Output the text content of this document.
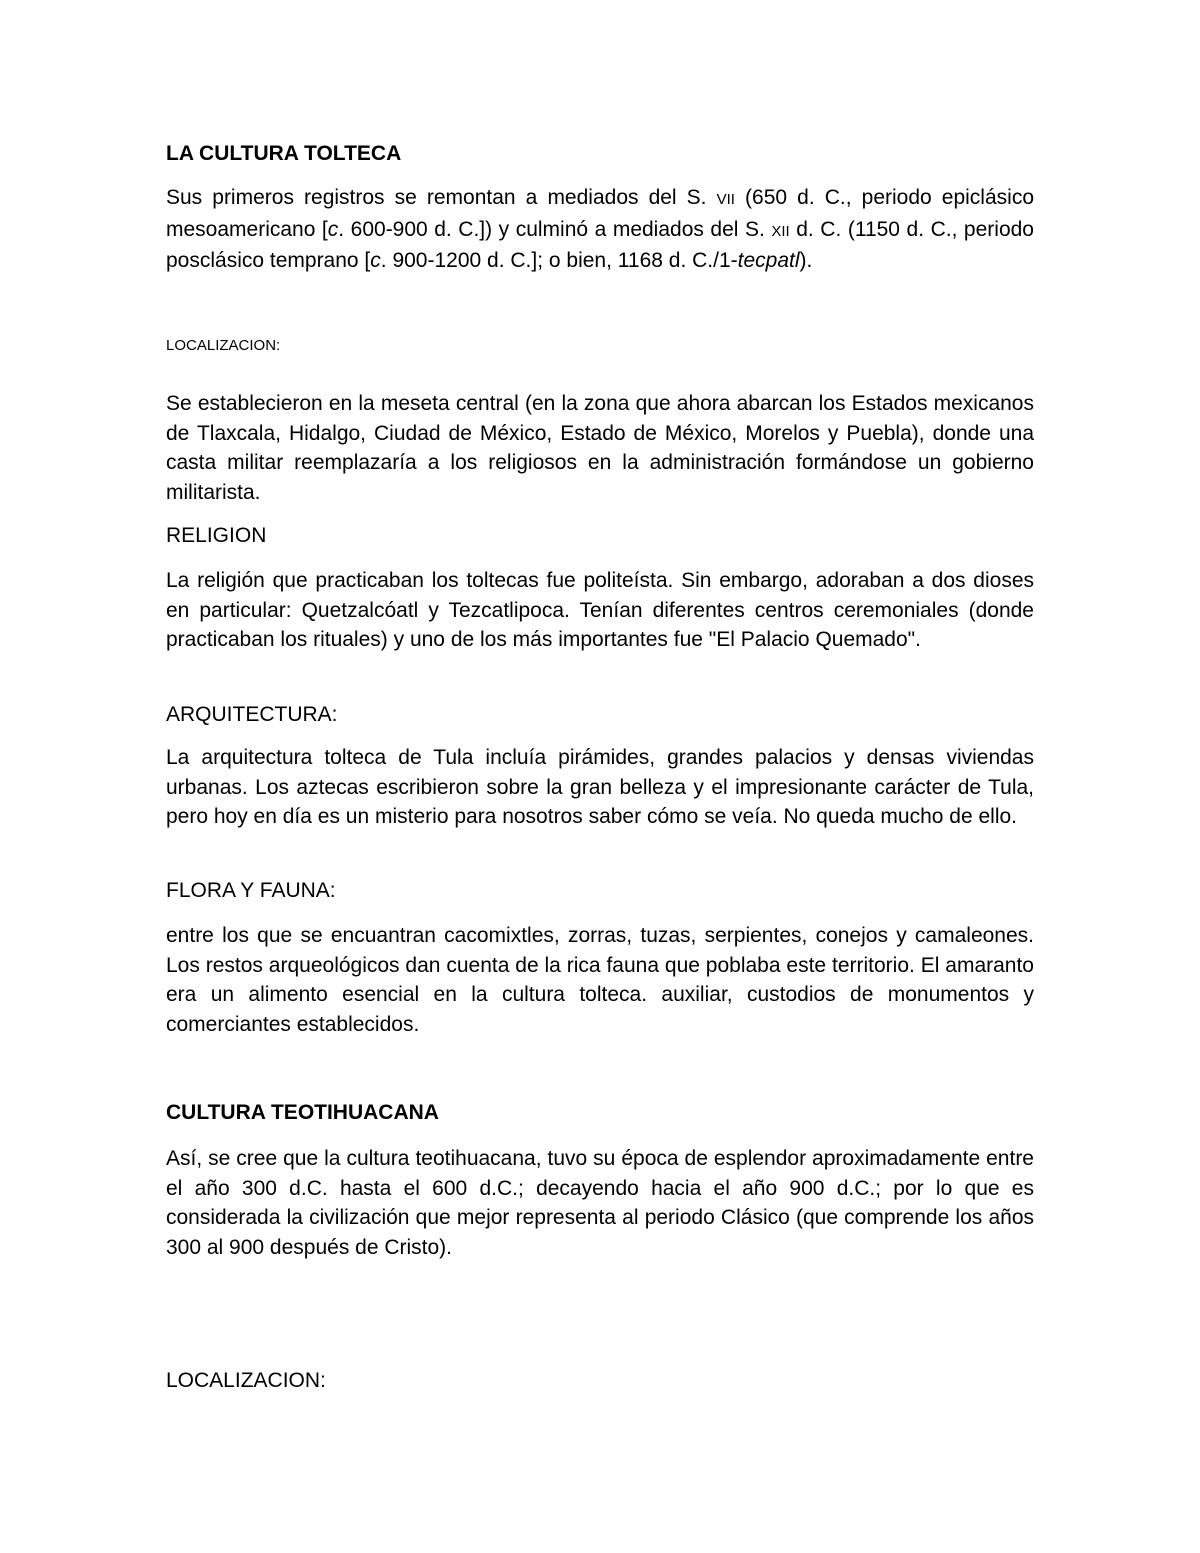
LA CULTURA TOLTECA

Sus primeros registros se remontan a mediados del S. VII (650 d. C., periodo epiclásico mesoamericano [c. 600-900 d. C.]) y culminó a mediados del S. XII d. C. (1150 d. C., periodo posclásico temprano [c. 900-1200 d. C.]; o bien, 1168 d. C./1-tecpatl).

LOCALIZACION:

Se establecieron en la meseta central (en la zona que ahora abarcan los Estados mexicanos de Tlaxcala, Hidalgo, Ciudad de México, Estado de México, Morelos y Puebla), donde una casta militar reemplazaría a los religiosos en la administración formándose un gobierno militarista.

RELIGION

La religión que practicaban los toltecas fue politeísta. Sin embargo, adoraban a dos dioses en particular: Quetzalcóatl y Tezcatlipoca. Tenían diferentes centros ceremoniales (donde practicaban los rituales) y uno de los más importantes fue "El Palacio Quemado".

ARQUITECTURA:

La arquitectura tolteca de Tula incluía pirámides, grandes palacios y densas viviendas urbanas. Los aztecas escribieron sobre la gran belleza y el impresionante carácter de Tula, pero hoy en día es un misterio para nosotros saber cómo se veía. No queda mucho de ello.

FLORA Y FAUNA:

entre los que se encuantran cacomixtles, zorras, tuzas, serpientes, conejos y camaleones. Los restos arqueológicos dan cuenta de la rica fauna que poblaba este territorio. El amaranto era un alimento esencial en la cultura tolteca. auxiliar, custodios de monumentos y comerciantes establecidos.

CULTURA TEOTIHUACANA

Así, se cree que la cultura teotihuacana, tuvo su época de esplendor aproximadamente entre el año 300 d.C. hasta el 600 d.C.; decayendo hacia el año 900 d.C.; por lo que es considerada la civilización que mejor representa al periodo Clásico (que comprende los años 300 al 900 después de Cristo).

LOCALIZACION:
